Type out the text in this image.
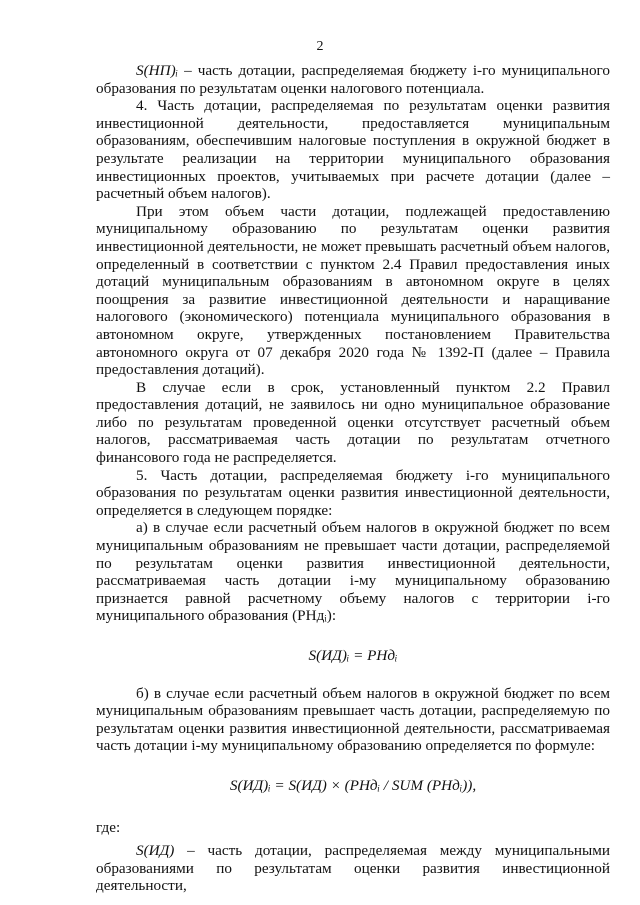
2

S(НП)ᵢ – часть дотации, распределяемая бюджету i-го муниципального образования по результатам оценки налогового потенциала.

4. Часть дотации, распределяемая по результатам оценки развития инвестиционной деятельности, предоставляется муниципальным образованиям, обеспечившим налоговые поступления в окружной бюджет в результате реализации на территории муниципального образования инвестиционных проектов, учитываемых при расчете дотации (далее – расчетный объем налогов).

При этом объем части дотации, подлежащей предоставлению муниципальному образованию по результатам оценки развития инвестиционной деятельности, не может превышать расчетный объем налогов, определенный в соответствии с пунктом 2.4 Правил предоставления иных дотаций муниципальным образованиям в автономном округе в целях поощрения за развитие инвестиционной деятельности и наращивание налогового (экономического) потенциала муниципального образования в автономном округе, утвержденных постановлением Правительства автономного округа от 07 декабря 2020 года № 1392-П (далее – Правила предоставления дотаций).

В случае если в срок, установленный пунктом 2.2 Правил предоставления дотаций, не заявилось ни одно муниципальное образование либо по результатам проведенной оценки отсутствует расчетный объем налогов, рассматриваемая часть дотации по результатам отчетного финансового года не распределяется.

5. Часть дотации, распределяемая бюджету i-го муниципального образования по результатам оценки развития инвестиционной деятельности, определяется в следующем порядке:

а) в случае если расчетный объем налогов в окружной бюджет по всем муниципальным образованиям не превышает части дотации, распределяемой по результатам оценки развития инвестиционной деятельности, рассматриваемая часть дотации i-му муниципальному образованию признается равной расчетному объему налогов с территории i-го муниципального образования (РНдᵢ):

S(ИД)ᵢ = РНдᵢ

б) в случае если расчетный объем налогов в окружной бюджет по всем муниципальным образованиям превышает часть дотации, распределяемую по результатам оценки развития инвестиционной деятельности, рассматриваемая часть дотации i-му муниципальному образованию определяется по формуле:

S(ИД)ᵢ = S(ИД) × (РНдᵢ / SUM (РНдᵢ)),

где:

S(ИД) – часть дотации, распределяемая между муниципальными образованиями по результатам оценки развития инвестиционной деятельности,
